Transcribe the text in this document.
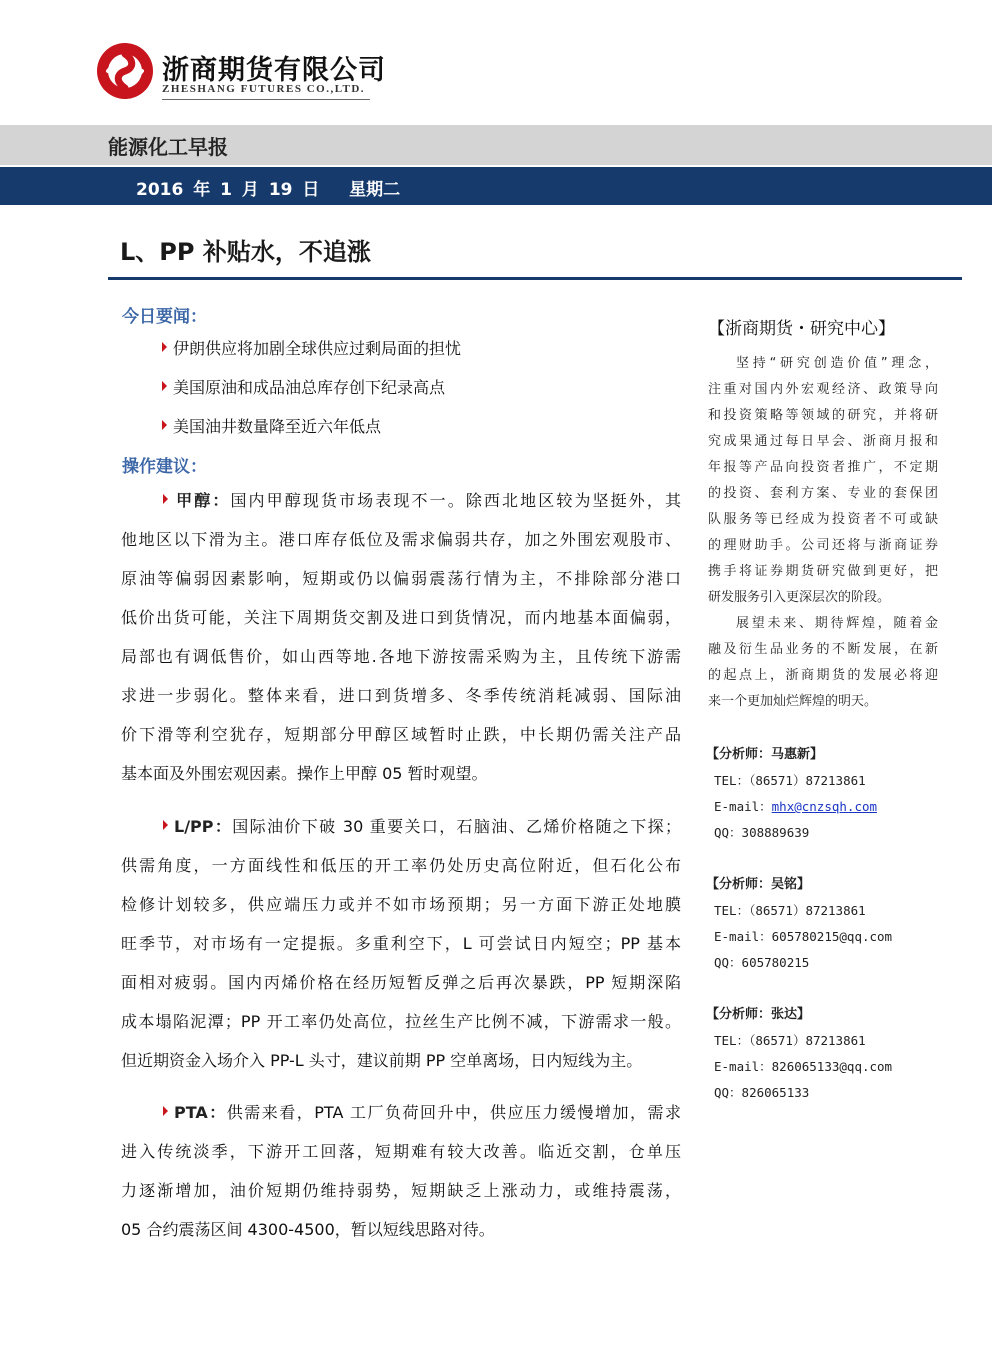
浙商期货有限公司
ZHESHANG FUTURES CO.,LTD.
能源化工早报
2016 年 1 月 19 日 星期二
L、PP 补贴水，不追涨
今日要闻：
伊朗供应将加剧全球供应过剩局面的担忧
美国原油和成品油总库存创下纪录高点
美国油井数量降至近六年低点
操作建议：
甲醇：国内甲醇现货市场表现不一。除西北地区较为坚挺外，其
他地区以下滑为主。港口库存低位及需求偏弱共存，加之外围宏观股市、
原油等偏弱因素影响，短期或仍以偏弱震荡行情为主，不排除部分港口
低价出货可能，关注下周期货交割及进口到货情况，而内地基本面偏弱，
局部也有调低售价，如山西等地.各地下游按需采购为主，且传统下游需
求进一步弱化。整体来看，进口到货增多、冬季传统消耗减弱、国际油
价下滑等利空犹存，短期部分甲醇区域暂时止跌，中长期仍需关注产品
基本面及外围宏观因素。操作上甲醇 05 暂时观望。
L/PP：国际油价下破 30 重要关口，石脑油、乙烯价格随之下探；
供需角度，一方面线性和低压的开工率仍处历史高位附近，但石化公布
检修计划较多，供应端压力或并不如市场预期；另一方面下游正处地膜
旺季节，对市场有一定提振。多重利空下，L 可尝试日内短空；PP 基本
面相对疲弱。国内丙烯价格在经历短暂反弹之后再次暴跌，PP 短期深陷
成本塌陷泥潭；PP 开工率仍处高位，拉丝生产比例不减，下游需求一般。
但近期资金入场介入 PP-L 头寸，建议前期 PP 空单离场，日内短线为主。
PTA：供需来看，PTA 工厂负荷回升中，供应压力缓慢增加，需求
进入传统淡季，下游开工回落，短期难有较大改善。临近交割，仓单压
力逐渐增加，油价短期仍维持弱势，短期缺乏上涨动力，或维持震荡，
05 合约震荡区间 4300-4500，暂以短线思路对待。
【浙商期货・研究中心】
坚持“研究创造价值”理念，
注重对国内外宏观经济、政策导向
和投资策略等领域的研究，并将研
究成果通过每日早会、浙商月报和
年报等产品向投资者推广，不定期
的投资、套利方案、专业的套保团
队服务等已经成为投资者不可或缺
的理财助手。公司还将与浙商证券
携手将证券期货研究做到更好，把
研发服务引入更深层次的阶段。
展望未来、期待辉煌，随着金
融及衍生品业务的不断发展，在新
的起点上，浙商期货的发展必将迎
来一个更加灿烂辉煌的明天。
【分析师：马惠新】
TEL：（86571）87213861
E-mail：mhx@cnzsqh.com
QQ：308889639
【分析师：吴铭】
TEL：（86571）87213861
E-mail：605780215@qq.com
QQ：605780215
【分析师：张达】
TEL：（86571）87213861
E-mail：826065133@qq.com
QQ：826065133
